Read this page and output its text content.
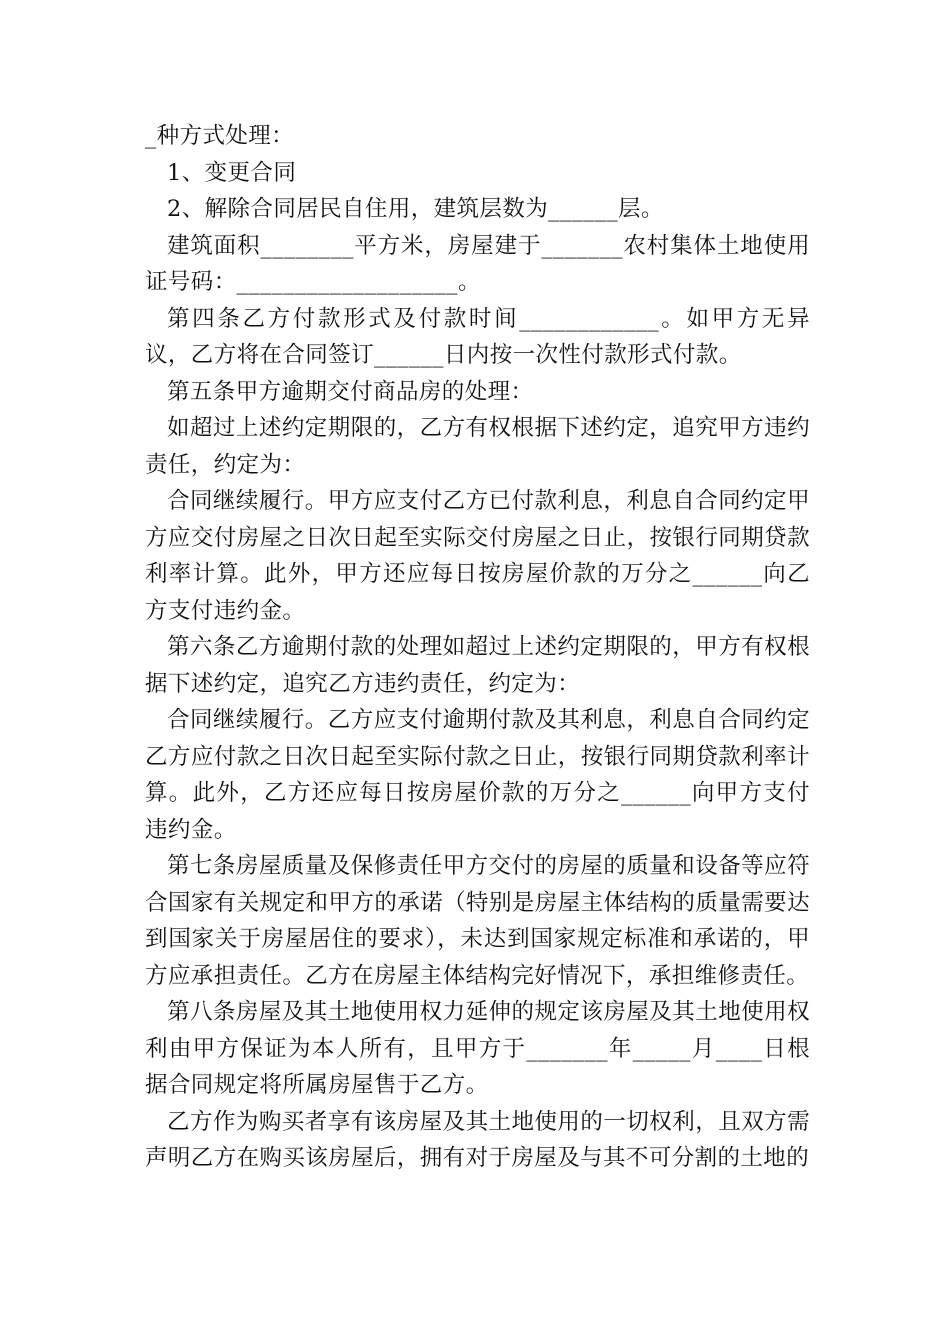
_种方式处理：

1、变更合同

2、解除合同居民自住用，建筑层数为______层。

建筑面积________平方米，房屋建于_______农村集体土地使用证号码：___________________。

第四条乙方付款形式及付款时间____________。如甲方无异议，乙方将在合同签订______日内按一次性付款形式付款。

第五条甲方逾期交付商品房的处理：

如超过上述约定期限的，乙方有权根据下述约定，追究甲方违约责任，约定为：

合同继续履行。甲方应支付乙方已付款利息，利息自合同约定甲方应交付房屋之日次日起至实际交付房屋之日止，按银行同期贷款利率计算。此外，甲方还应每日按房屋价款的万分之______向乙方支付违约金。

第六条乙方逾期付款的处理如超过上述约定期限的，甲方有权根据下述约定，追究乙方违约责任，约定为：

合同继续履行。乙方应支付逾期付款及其利息，利息自合同约定乙方应付款之日次日起至实际付款之日止，按银行同期贷款利率计算。此外，乙方还应每日按房屋价款的万分之______向甲方支付违约金。

第七条房屋质量及保修责任甲方交付的房屋的质量和设备等应符合国家有关规定和甲方的承诺（特别是房屋主体结构的质量需要达到国家关于房屋居住的要求），未达到国家规定标准和承诺的，甲方应承担责任。乙方在房屋主体结构完好情况下，承担维修责任。

第八条房屋及其土地使用权力延伸的规定该房屋及其土地使用权利由甲方保证为本人所有，且甲方于_______年_____月____日根据合同规定将所属房屋售于乙方。

乙方作为购买者享有该房屋及其土地使用的一切权利，且双方需声明乙方在购买该房屋后，拥有对于房屋及与其不可分割的土地的
